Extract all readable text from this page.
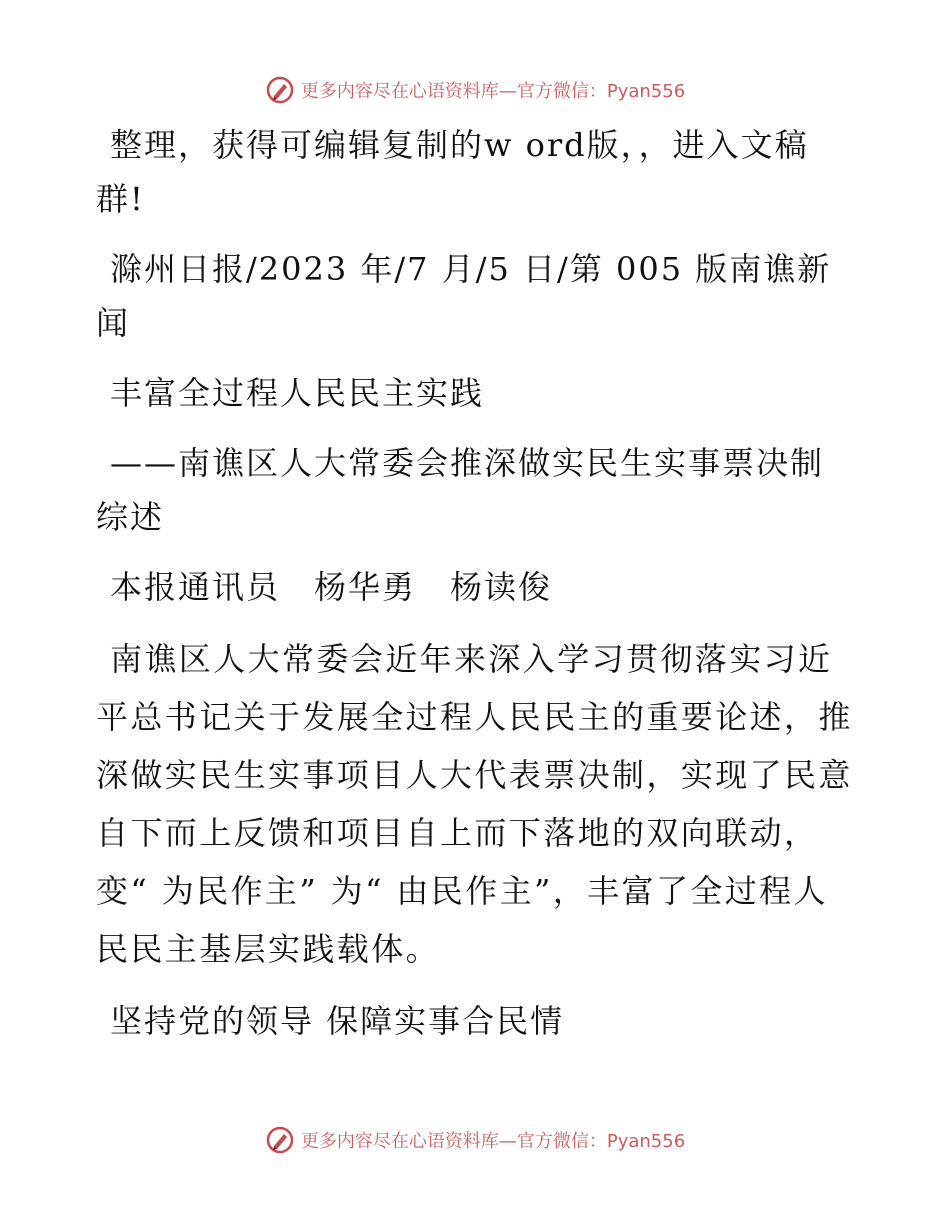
更多内容尽在心语资料库—官方微信：Pyan556

整理，获得可编辑复制的w ord版，，进入文稿群!

滁州日报/2023 年/7 月/5 日/第 005 版南谯新闻

丰富全过程人民民主实践

——南谯区人大常委会推深做实民生实事票决制综述

本报通讯员　杨华勇　杨读俊

南谯区人大常委会近年来深入学习贯彻落实习近平总书记关于发展全过程人民民主的重要论述，推深做实民生实事项目人大代表票决制，实现了民意自下而上反馈和项目自上而下落地的双向联动，变“ 为民作主” 为“ 由民作主”，丰富了全过程人民民主基层实践载体。

坚持党的领导 保障实事合民情

更多内容尽在心语资料库—官方微信：Pyan556
